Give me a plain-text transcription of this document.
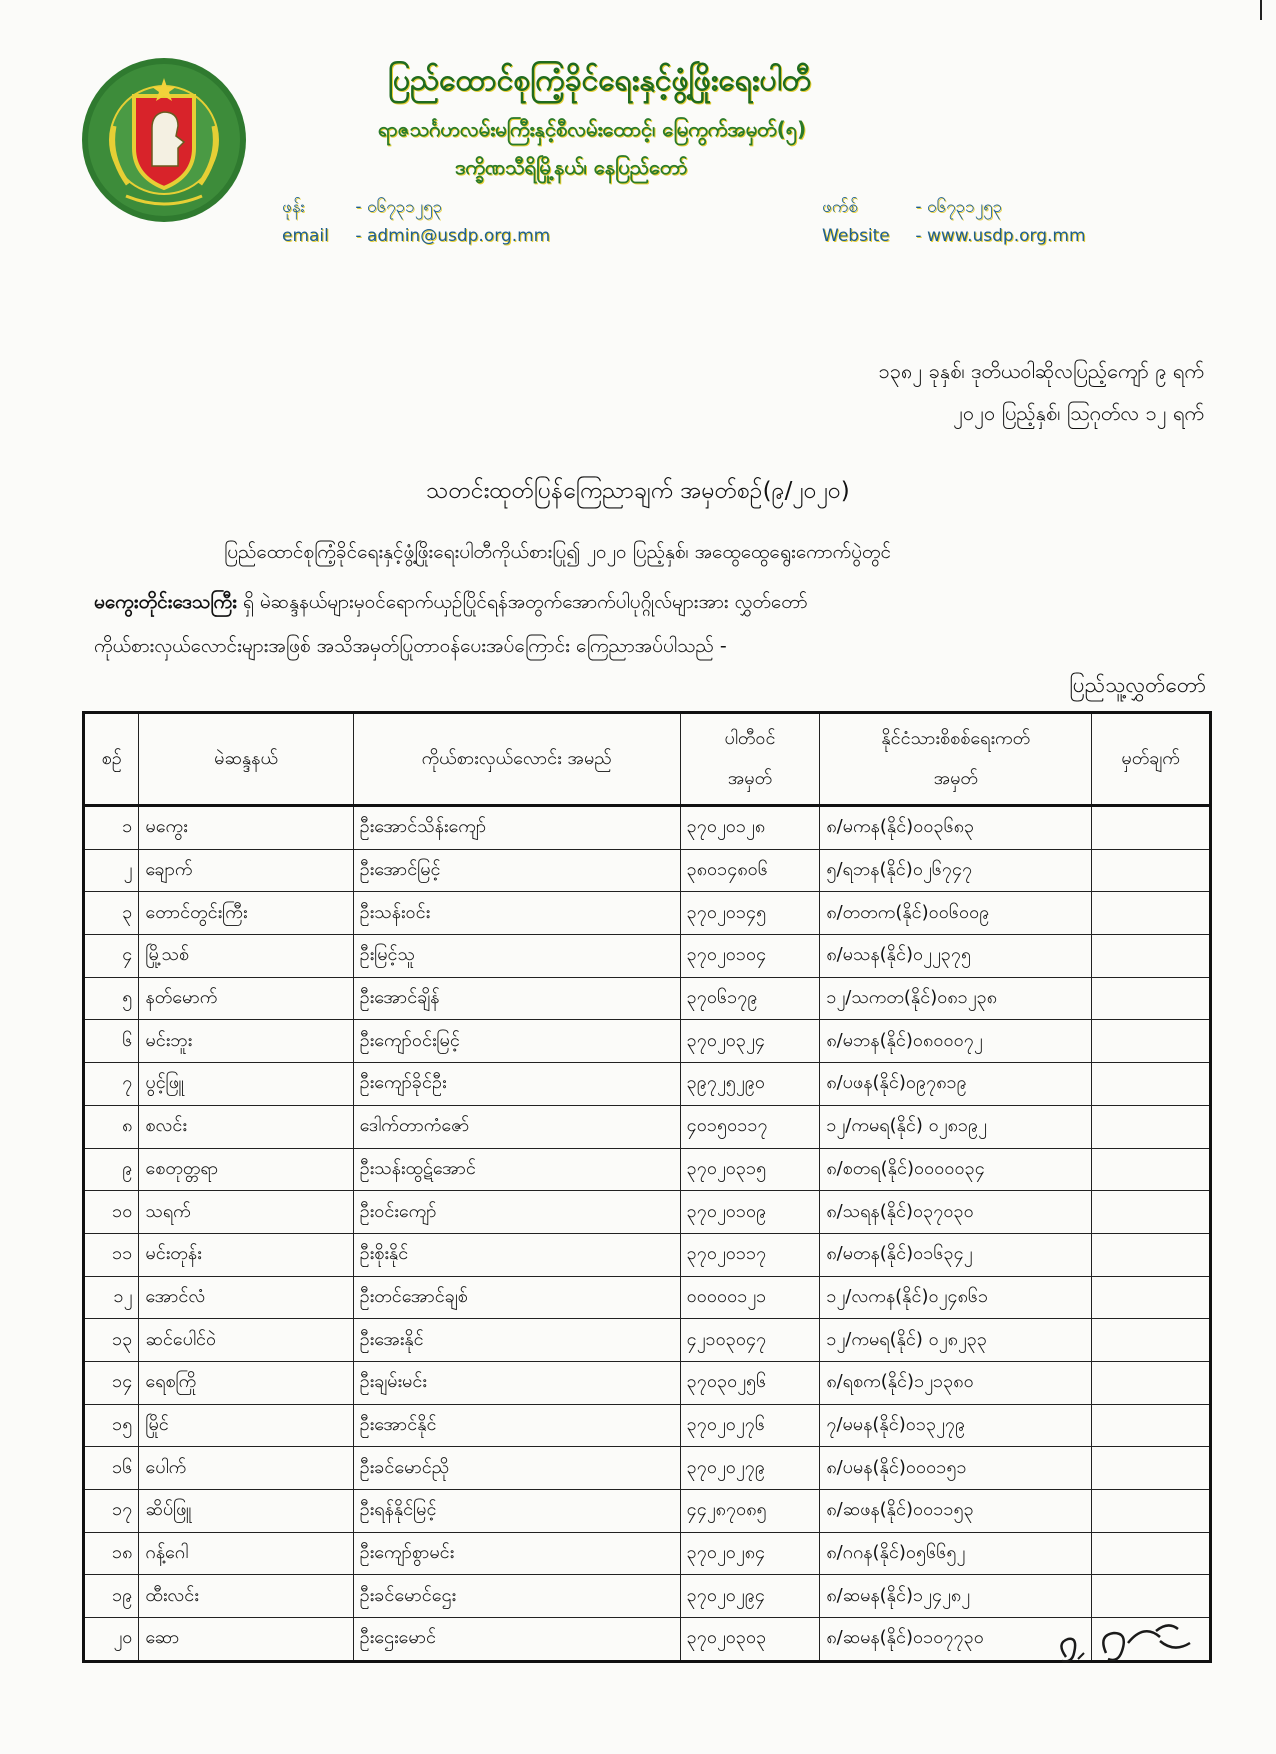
ပြည်ထောင်စုကြံ့ခိုင်ရေးနှင့်ဖွံ့ဖြိုးရေးပါတီ
ရာဇသင်္ဂဟလမ်းမကြီးနှင့်စီလမ်းထောင့်၊ မြေကွက်အမှတ်(၅)
ဒက္ခိဏသီရိမြို့နယ်၊ နေပြည်တော်
ဖုန်း	- ၀၆၇၃၁၂၅၃
email - admin@usdp.org.mm
ဖက်စ်	- ၀၆၇၃၁၂၅၃
Website - www.usdp.org.mm
၁၃၈၂ ခုနှစ်၊ ဒုတိယဝါဆိုလပြည့်ကျော် ၉ ရက်
၂၀၂၀ ပြည့်နှစ်၊ ဩဂုတ်လ ၁၂ ရက်
သတင်းထုတ်ပြန်ကြေညာချက် အမှတ်စဉ်(၉/၂၀၂၀)
ပြည်ထောင်စုကြံ့ခိုင်ရေးနှင့်ဖွံ့ဖြိုးရေးပါတီကိုယ်စားပြု၍ ၂၀၂၀ ပြည့်နှစ်၊ အထွေထွေရွေးကောက်ပွဲတွင်
မကွေးတိုင်းဒေသကြီး ရှိ မဲဆန္ဒနယ်များမှဝင်ရောက်ယှဉ်ပြိုင်ရန်အတွက်အောက်ပါပုဂ္ဂိုလ်များအား လွှတ်တော်
ကိုယ်စားလှယ်လောင်းများအဖြစ် အသိအမှတ်ပြုတာဝန်ပေးအပ်ကြောင်း ကြေညာအပ်ပါသည် -
ပြည်သူ့လွှတ်တော်
စဉ်	မဲဆန္ဒနယ်	ကိုယ်စားလှယ်လောင်း အမည်	ပါတီဝင်
အမှတ်	နိုင်ငံသားစိစစ်ရေးကတ်
အမှတ်	မှတ်ချက်
၁	မကွေး	ဦးအောင်သိန်းကျော်	၃၇၀၂၀၁၂၈	၈/မကန(နိုင်)၀၀၃၆၈၃	
၂	ချောက်	ဦးအောင်မြင့်	၃၈၀၁၄၈၀၆	၅/ရဘန(နိုင်)၀၂၆၇၄၇	
၃	တောင်တွင်းကြီး	ဦးသန်းဝင်း	၃၇၀၂၀၁၄၅	၈/တတက(နိုင်)၀၀၆၀၀၉	
၄	မြို့သစ်	ဦးမြင့်သူ	၃၇၀၂၀၁၀၄	၈/မသန(နိုင်)၀၂၂၃၇၅	
၅	နတ်မောက်	ဦးအောင်ချိန်	၃၇၀၆၁၇၉	၁၂/သကတ(နိုင်)၀၈၁၂၃၈	
၆	မင်းဘူး	ဦးကျော်ဝင်းမြင့်	၃၇၀၂၀၃၂၄	၈/မဘန(နိုင်)၀၈၀၀၀၇၂	
၇	ပွင့်ဖြူ	ဦးကျော်ခိုင်ဦး	၃၉၇၂၅၂၉၀	၈/ပဖန(နိုင်)၀၉၇၈၁၉	
၈	စလင်း	ဒေါက်တာကံဇော်	၄၀၁၅၀၁၁၇	၁၂/ကမရ(နိုင်) ၀၂၈၁၉၂	
၉	စေတုတ္တရာ	ဦးသန်းထွဋ်အောင်	၃၇၀၂၀၃၁၅	၈/စတရ(နိုင်)၀၀၀၀၀၃၄	
၁၀	သရက်	ဦးဝင်းကျော်	၃၇၀၂၀၁၀၉	၈/သရန(နိုင်)၀၃၇၀၃၀	
၁၁	မင်းတုန်း	ဦးစိုးနိုင်	၃၇၀၂၀၁၁၇	၈/မတန(နိုင်)၀၁၆၃၄၂	
၁၂	အောင်လံ	ဦးတင်အောင်ချစ်	၀၀၀၀၀၁၂၁	၁၂/လကန(နိုင်)၀၂၄၈၆၁	
၁၃	ဆင်ပေါင်ဝဲ	ဦးအေးနိုင်	၄၂၁၀၃၀၄၇	၁၂/ကမရ(နိုင်) ၀၂၈၂၃၃	
၁၄	ရေစကြို	ဦးချမ်းမင်း	၃၇၀၃၀၂၅၆	၈/ရစက(နိုင်)၁၂၁၃၈၀	
၁၅	မြိုင်	ဦးအောင်နိုင်	၃၇၀၂၀၂၇၆	၇/မမန(နိုင်)၀၁၃၂၇၉	
၁၆	ပေါက်	ဦးခင်မောင်ညို	၃၇၀၂၀၂၇၉	၈/ပမန(နိုင်)၀၀၀၁၅၁	
၁၇	ဆိပ်ဖြူ	ဦးရန်နိုင်မြင့်	၄၄၂၈၇၀၈၅	၈/ဆဖန(နိုင်)၀၀၁၁၅၃	
၁၈	ဂန့်ဂေါ	ဦးကျော်စွာမင်း	၃၇၀၂၀၂၈၄	၈/ဂဂန(နိုင်)၀၅၆၆၅၂	
၁၉	ထီးလင်း	ဦးခင်မောင်ဌေး	၃၇၀၂၀၂၉၄	၈/ဆမန(နိုင်)၁၂၄၂၈၂	
၂၀	ဆော	ဦးဌေးမောင်	၃၇၀၂၀၃၀၃	၈/ဆမန(နိုင်)၀၁၀၇၇၃၀	
